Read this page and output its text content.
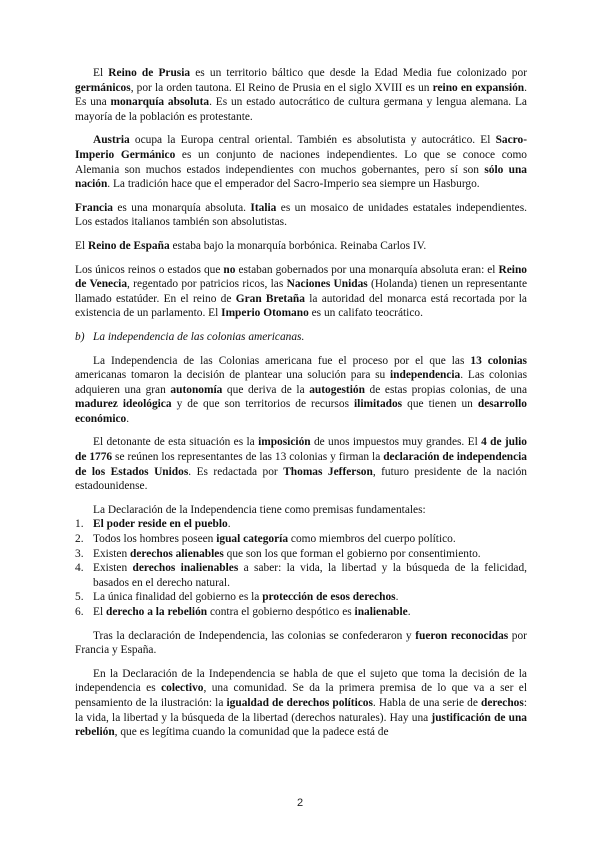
El Reino de Prusia es un territorio báltico que desde la Edad Media fue colonizado por germánicos, por la orden tautona. El Reino de Prusia en el siglo XVIII es un reino en expansión. Es una monarquía absoluta. Es un estado autocrático de cultura germana y lengua alemana. La mayoría de la población es protestante.

Austria ocupa la Europa central oriental. También es absolutista y autocrático. El Sacro-Imperio Germánico es un conjunto de naciones independientes. Lo que se conoce como Alemania son muchos estados independientes con muchos gobernantes, pero sí son sólo una nación. La tradición hace que el emperador del Sacro-Imperio sea siempre un Hasburgo.

Francia es una monarquía absoluta. Italia es un mosaico de unidades estatales independientes. Los estados italianos también son absolutistas.

El Reino de España estaba bajo la monarquía borbónica. Reinaba Carlos IV.

Los únicos reinos o estados que no estaban gobernados por una monarquía absoluta eran: el Reino de Venecia, regentado por patricios ricos, las Naciones Unidas (Holanda) tienen un representante llamado estatúder. En el reino de Gran Bretaña la autoridad del monarca está recortada por la existencia de un parlamento. El Imperio Otomano es un califato teocrático.

b) La independencia de las colonias americanas.

La Independencia de las Colonias americana fue el proceso por el que las 13 colonias americanas tomaron la decisión de plantear una solución para su independencia. Las colonias adquieren una gran autonomía que deriva de la autogestión de estas propias colonias, de una madurez ideológica y de que son territorios de recursos ilimitados que tienen un desarrollo económico.

El detonante de esta situación es la imposición de unos impuestos muy grandes. El 4 de julio de 1776 se reúnen los representantes de las 13 colonias y firman la declaración de independencia de los Estados Unidos. Es redactada por Thomas Jefferson, futuro presidente de la nación estadounidense.

La Declaración de la Independencia tiene como premisas fundamentales:

1. El poder reside en el pueblo.
2. Todos los hombres poseen igual categoría como miembros del cuerpo político.
3. Existen derechos alienables que son los que forman el gobierno por consentimiento.
4. Existen derechos inalienables a saber: la vida, la libertad y la búsqueda de la felicidad, basados en el derecho natural.
5. La única finalidad del gobierno es la protección de esos derechos.
6. El derecho a la rebelión contra el gobierno despótico es inalienable.

Tras la declaración de Independencia, las colonias se confederaron y fueron reconocidas por Francia y España.

En la Declaración de la Independencia se habla de que el sujeto que toma la decisión de la independencia es colectivo, una comunidad. Se da la primera premisa de lo que va a ser el pensamiento de la ilustración: la igualdad de derechos políticos. Habla de una serie de derechos: la vida, la libertad y la búsqueda de la libertad (derechos naturales). Hay una justificación de una rebelión, que es legítima cuando la comunidad que la padece está de

2
